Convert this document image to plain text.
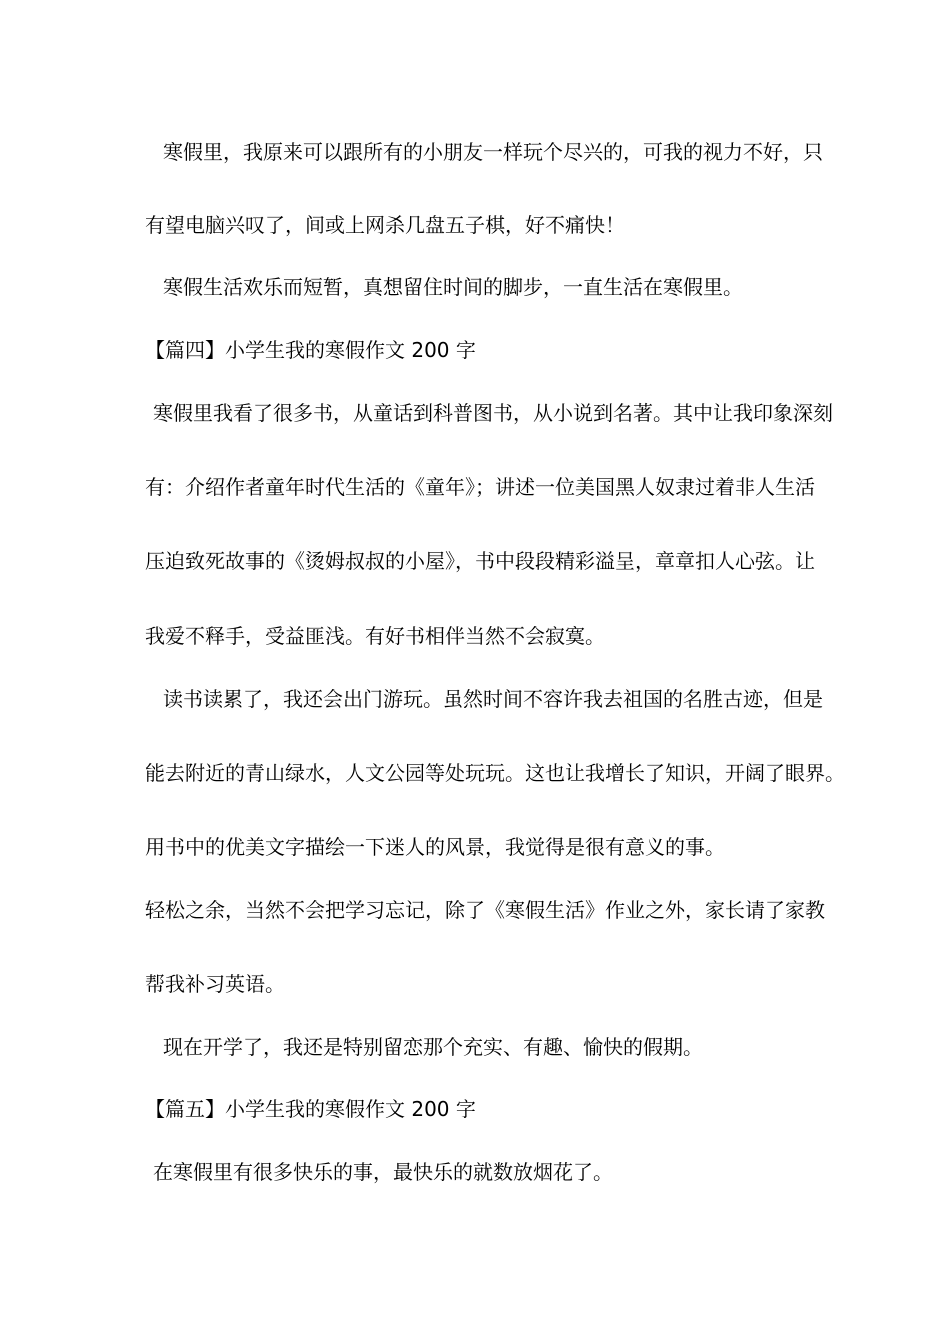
寒假里，我原来可以跟所有的小朋友一样玩个尽兴的，可我的视力不好，只
有望电脑兴叹了，间或上网杀几盘五子棋，好不痛快！
寒假生活欢乐而短暂，真想留住时间的脚步，一直生活在寒假里。
【篇四】小学生我的寒假作文 200 字
寒假里我看了很多书，从童话到科普图书，从小说到名著。其中让我印象深刻
有：介绍作者童年时代生活的《童年》；讲述一位美国黑人奴隶过着非人生活
压迫致死故事的《烫姆叔叔的小屋》，书中段段精彩溢呈，章章扣人心弦。让
我爱不释手，受益匪浅。有好书相伴当然不会寂寞。
读书读累了，我还会出门游玩。虽然时间不容许我去祖国的名胜古迹，但是
能去附近的青山绿水，人文公园等处玩玩。这也让我增长了知识，开阔了眼界。
用书中的优美文字描绘一下迷人的风景，我觉得是很有意义的事。
轻松之余，当然不会把学习忘记，除了《寒假生活》作业之外，家长请了家教
帮我补习英语。
现在开学了，我还是特别留恋那个充实、有趣、愉快的假期。
【篇五】小学生我的寒假作文 200 字
在寒假里有很多快乐的事，最快乐的就数放烟花了。
